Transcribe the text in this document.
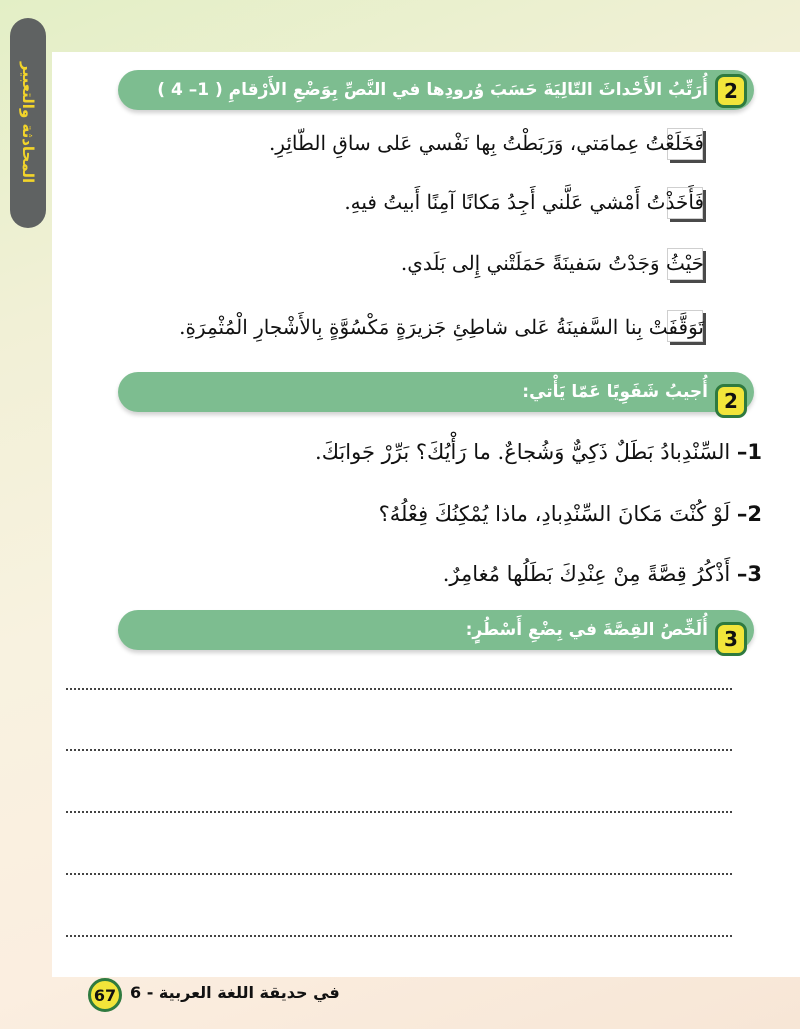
المحادثة والتعبير	أُرَتِّبُ الأَحْداثَ التّالِيَةَ حَسَبَ وُرودِها في النَّصِّ بِوَضْعِ الأَرْقامِ ( 1– 4 ) 2
فَخَلَعْتُ عِمامَتي، وَرَبَطْتُ بِها نَفْسي عَلى ساقِ الطّائِرِ.
فَأَخَذْتُ أَمْشي عَلَّني أَجِدُ مَكانًا آمِنًا أَبيتُ فيهِ.
حَيْثُ وَجَدْتُ سَفينَةً حَمَلَتْني إِلى بَلَدي.
تَوَقَّفَتْ بِنا السَّفينَةُ عَلى شاطِئِ جَزيرَةٍ مَكْسُوَّةٍ بِالأَشْجارِ الْمُثْمِرَةِ.
أُجيبُ شَفَوِيًا عَمّا يَأْتي: 2
1– السِّنْدِبادُ بَطَلٌ ذَكِيٌّ وَشُجاعٌ. ما رَأْيُكَ؟ بَرِّرْ جَوابَكَ.
2– لَوْ كُنْتَ مَكانَ السِّنْدِبادِ، ماذا يُمْكِنُكَ فِعْلُهُ؟
3– أَذْكُرُ قِصَّةً مِنْ عِنْدِكَ بَطَلُها مُغامِرٌ.
أُلَخِّصُ القِصَّةَ في بِضْعِ أَسْطُرٍ: 3
67 في حديقة اللغة العربية - 6
